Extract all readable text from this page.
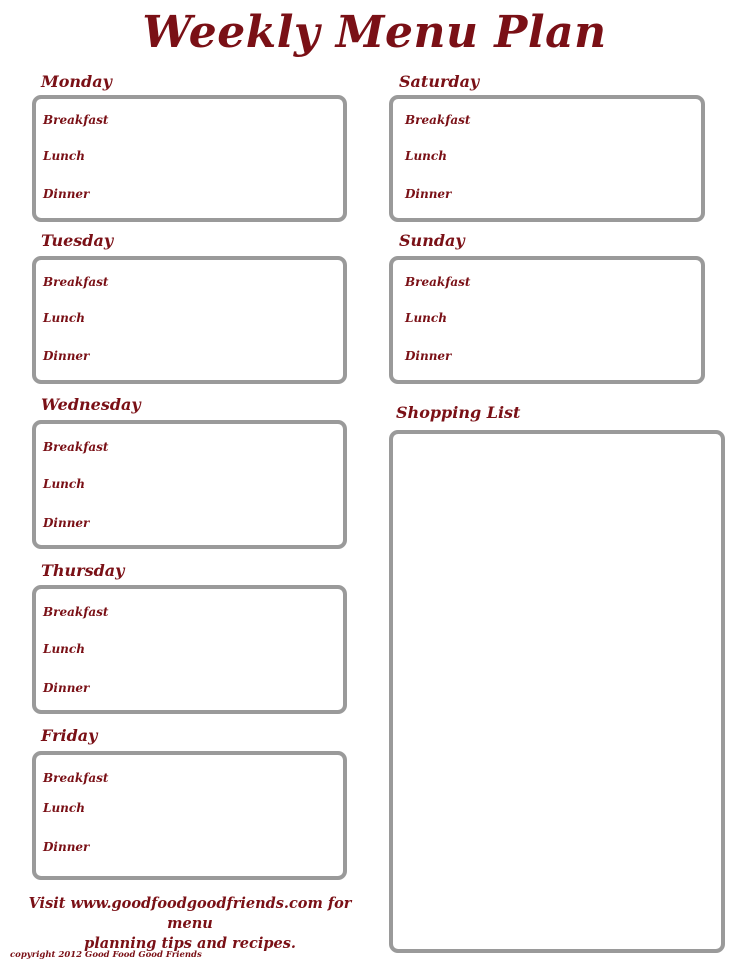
Weekly Menu Plan
Monday
Breakfast
Lunch
Dinner
Tuesday
Breakfast
Lunch
Dinner
Wednesday
Breakfast
Lunch
Dinner
Thursday
Breakfast
Lunch
Dinner
Friday
Breakfast
Lunch
Dinner
Saturday
Breakfast
Lunch
Dinner
Sunday
Breakfast
Lunch
Dinner
Shopping List
Visit www.goodfoodgoodfriends.com for menu
planning tips and recipes.
copyright 2012 Good Food Good Friends
